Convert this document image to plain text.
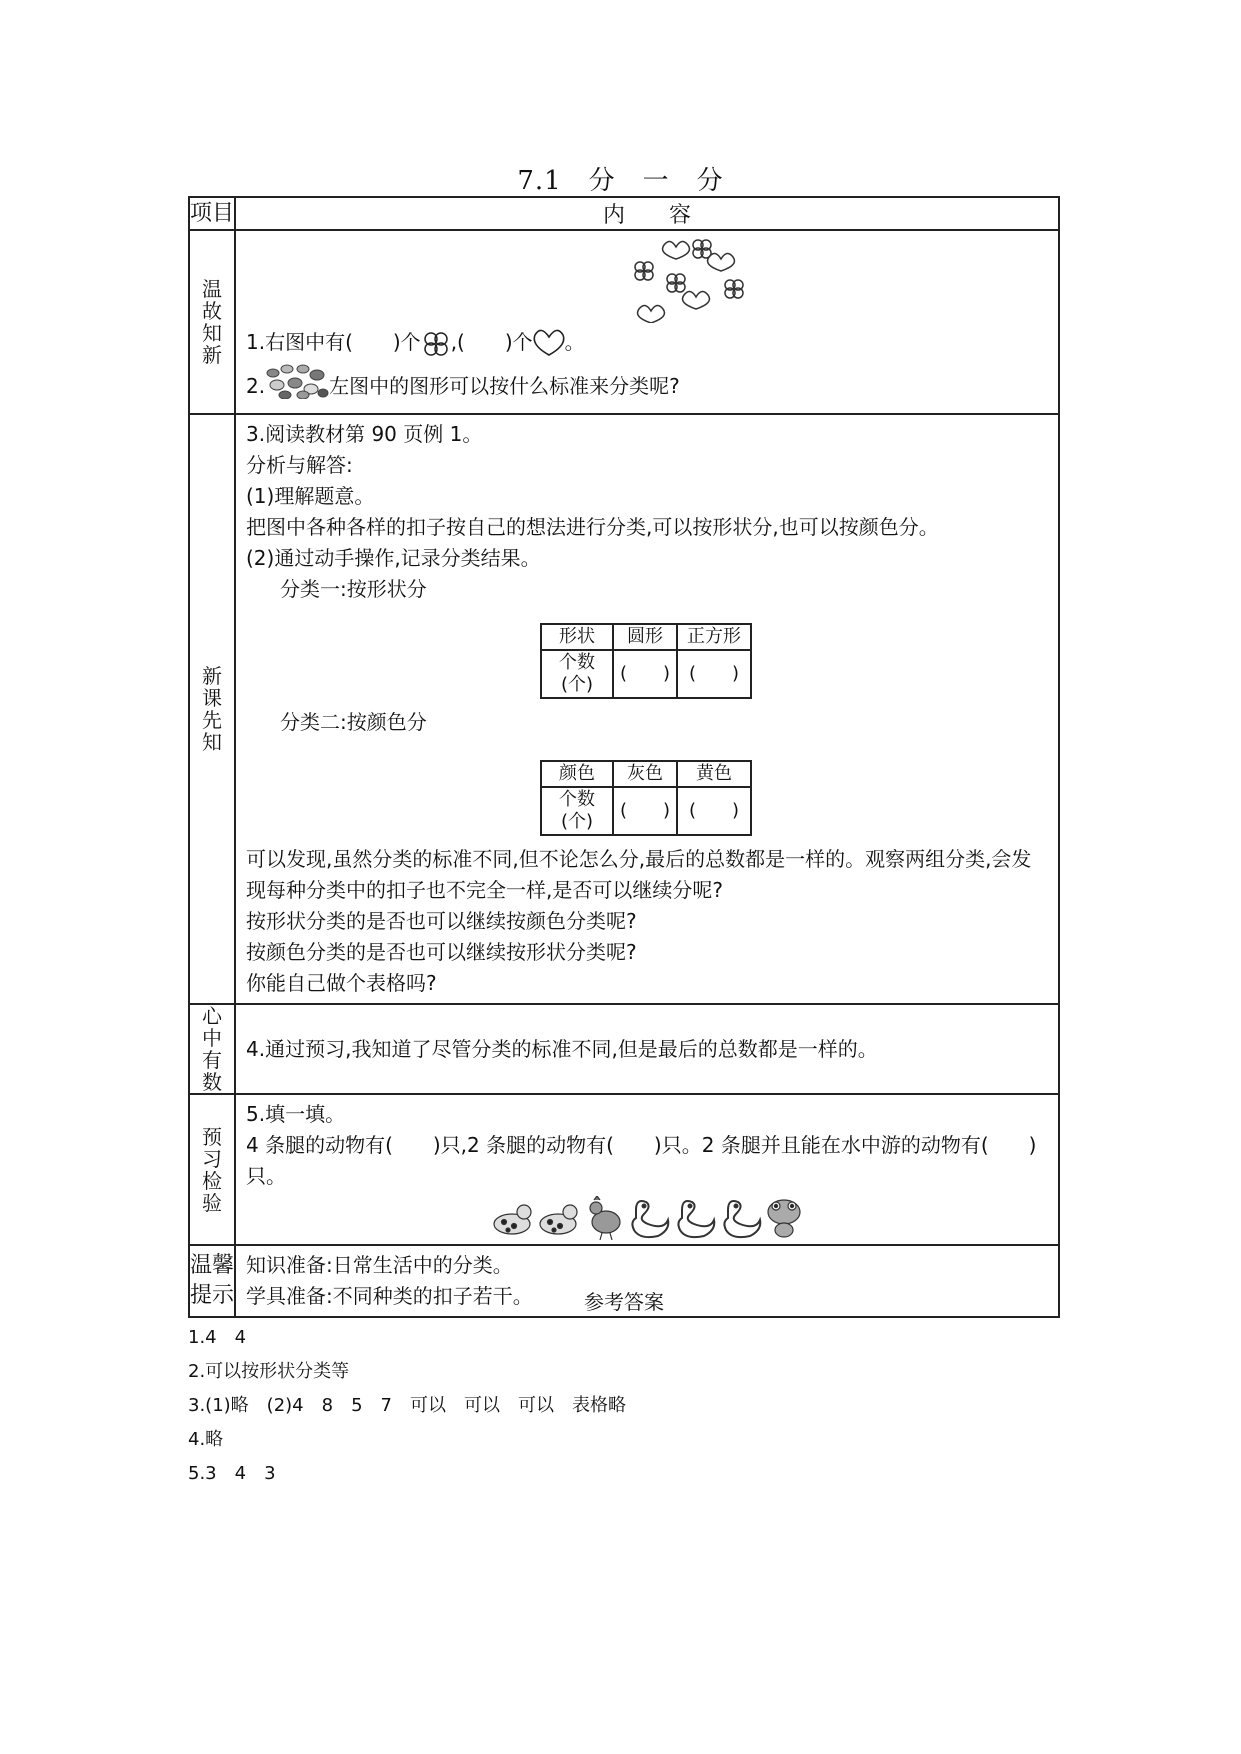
7.1　分　一　分
项目	内　　容

温故知新

1.右图中有(　　)个 ,(　　)个 。
2.	左图中的图形可以按什么标准来分类呢?

新课先知

3.阅读教材第 90 页例 1。
分析与解答:
(1)理解题意。
把图中各种各样的扣子按自己的想法进行分类,可以按形状分,也可以按颜色分。
(2)通过动手操作,记录分类结果。
分类一:按形状分
形状	圆形	正方形
个数(个)	(　　)	(　　)
分类二:按颜色分
颜色	灰色	黄色
个数(个)	(　　)	(　　)
可以发现,虽然分类的标准不同,但不论怎么分,最后的总数都是一样的。观察两组分类,会发现每种分类中的扣子也不完全一样,是否可以继续分呢?
按形状分类的是否也可以继续按颜色分类呢?
按颜色分类的是否也可以继续按形状分类呢?
你能自己做个表格吗?

心中有数

4.通过预习,我知道了尽管分类的标准不同,但是最后的总数都是一样的。

预习检验

5.填一填。
4 条腿的动物有(　　)只,2 条腿的动物有(　　)只。2 条腿并且能在水中游的动物有(　　)只。

温馨提示

知识准备:日常生活中的分类。
学具准备:不同种类的扣子若干。	参考答案
1.4　4
2.可以按形状分类等
3.(1)略　(2)4　8　5　7　可以　可以　可以　表格略
4.略
5.3　4　3
